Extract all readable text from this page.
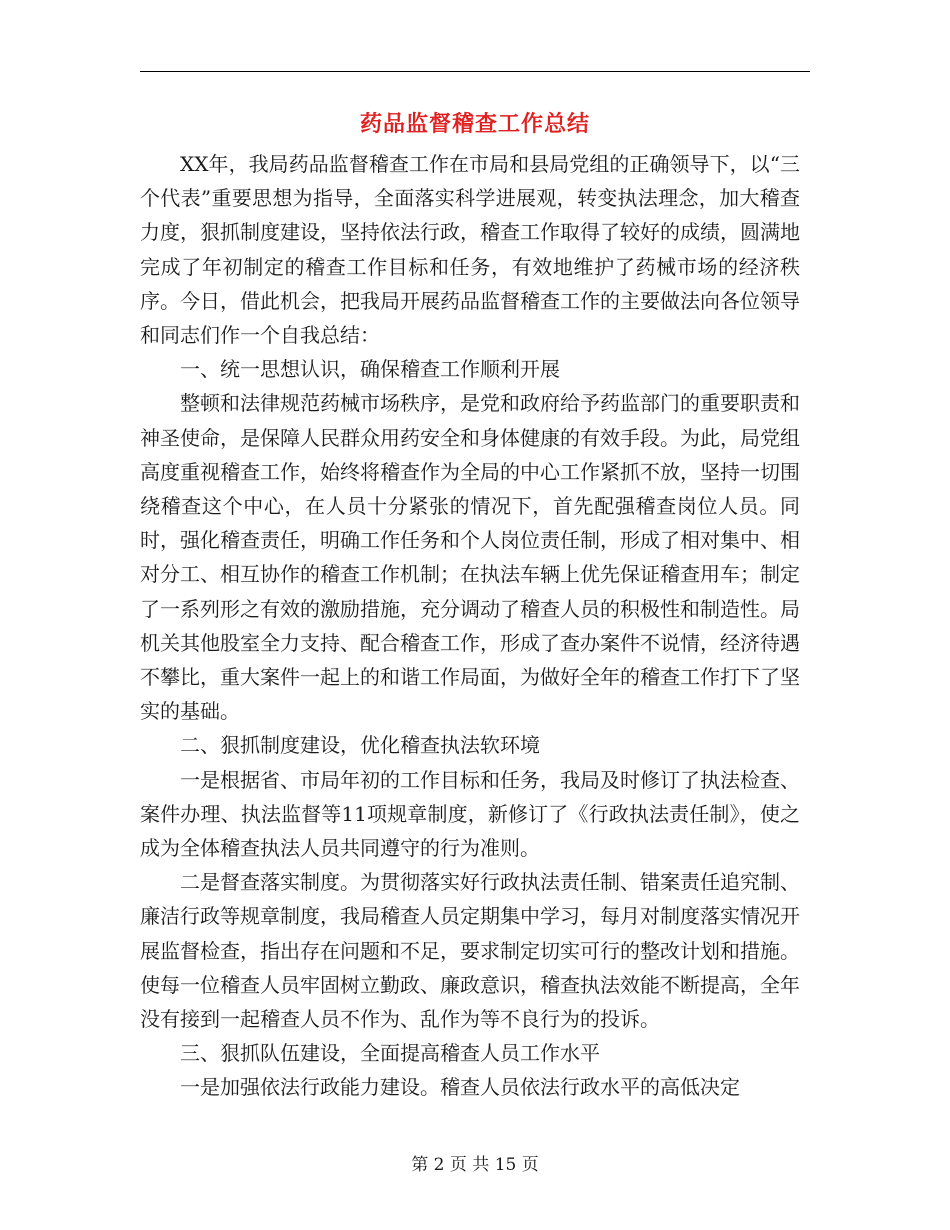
药品监督稽查工作总结

XX年，我局药品监督稽查工作在市局和县局党组的正确领导下，以“三个代表”重要思想为指导，全面落实科学进展观，转变执法理念，加大稽查力度，狠抓制度建设，坚持依法行政，稽查工作取得了较好的成绩，圆满地完成了年初制定的稽查工作目标和任务，有效地维护了药械市场的经济秩序。今日，借此机会，把我局开展药品监督稽查工作的主要做法向各位领导和同志们作一个自我总结：

一、统一思想认识，确保稽查工作顺利开展

整顿和法律规范药械市场秩序，是党和政府给予药监部门的重要职责和神圣使命，是保障人民群众用药安全和身体健康的有效手段。为此，局党组高度重视稽查工作，始终将稽查作为全局的中心工作紧抓不放，坚持一切围绕稽查这个中心，在人员十分紧张的情况下，首先配强稽查岗位人员。同时，强化稽查责任，明确工作任务和个人岗位责任制，形成了相对集中、相对分工、相互协作的稽查工作机制；在执法车辆上优先保证稽查用车；制定了一系列形之有效的激励措施，充分调动了稽查人员的积极性和制造性。局机关其他股室全力支持、配合稽查工作，形成了查办案件不说情，经济待遇不攀比，重大案件一起上的和谐工作局面，为做好全年的稽查工作打下了坚实的基础。

二、狠抓制度建设，优化稽查执法软环境

一是根据省、市局年初的工作目标和任务，我局及时修订了执法检查、案件办理、执法监督等11项规章制度，新修订了《行政执法责任制》，使之成为全体稽查执法人员共同遵守的行为准则。

二是督查落实制度。为贯彻落实好行政执法责任制、错案责任追究制、廉洁行政等规章制度，我局稽查人员定期集中学习，每月对制度落实情况开展监督检查，指出存在问题和不足，要求制定切实可行的整改计划和措施。使每一位稽查人员牢固树立勤政、廉政意识，稽查执法效能不断提高，全年没有接到一起稽查人员不作为、乱作为等不良行为的投诉。

三、狠抓队伍建设，全面提高稽查人员工作水平

一是加强依法行政能力建设。稽查人员依法行政水平的高低决定

第 2 页 共 15 页
